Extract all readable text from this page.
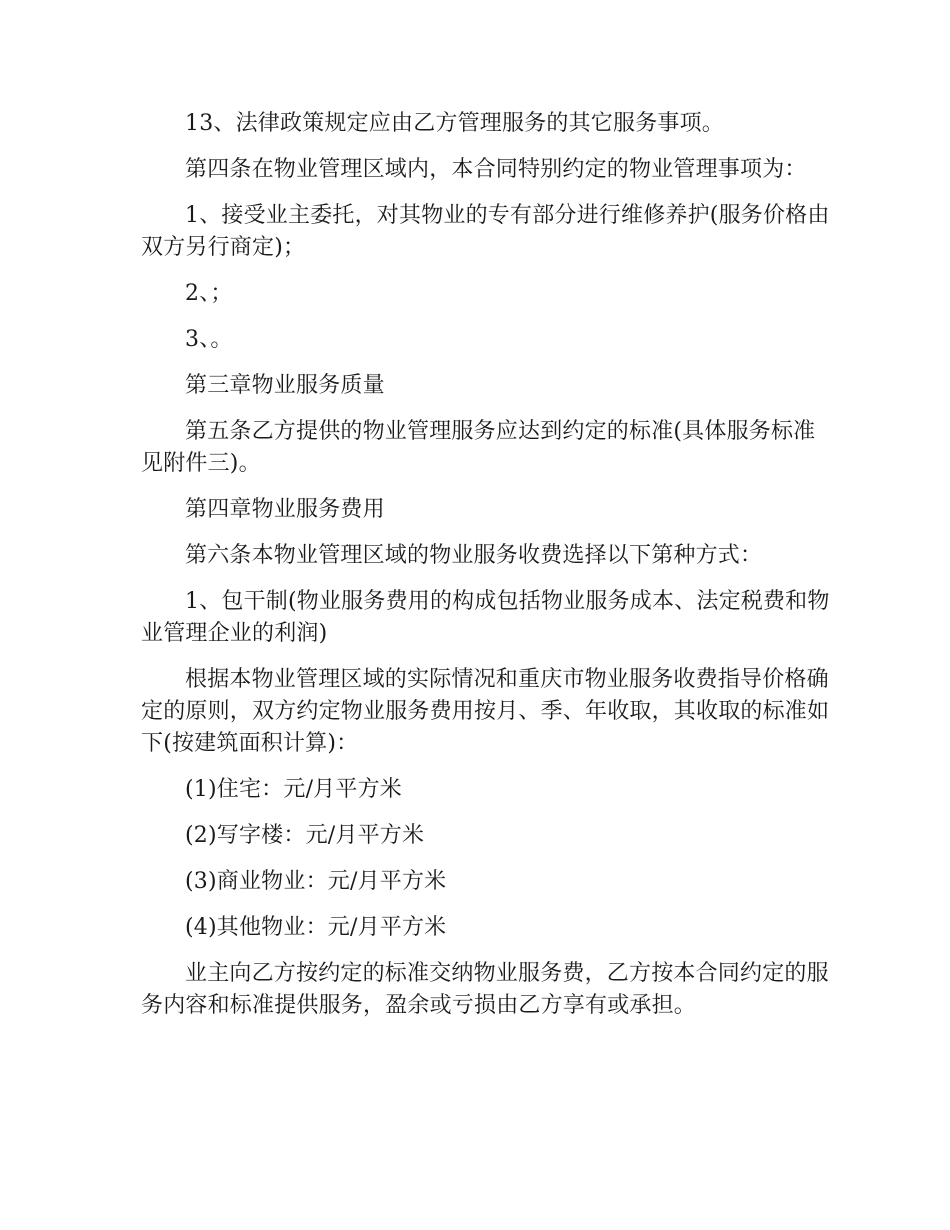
13、法律政策规定应由乙方管理服务的其它服务事项。

第四条在物业管理区域内，本合同特别约定的物业管理事项为：

1、接受业主委托，对其物业的专有部分进行维修养护(服务价格由双方另行商定)；

2、；

3、。

第三章物业服务质量

第五条乙方提供的物业管理服务应达到约定的标准(具体服务标准见附件三)。

第四章物业服务费用

第六条本物业管理区域的物业服务收费选择以下第种方式：

1、包干制(物业服务费用的构成包括物业服务成本、法定税费和物业管理企业的利润)

根据本物业管理区域的实际情况和重庆市物业服务收费指导价格确定的原则，双方约定物业服务费用按月、季、年收取，其收取的标准如下(按建筑面积计算)：

(1)住宅：元/月平方米

(2)写字楼：元/月平方米

(3)商业物业：元/月平方米

(4)其他物业：元/月平方米

业主向乙方按约定的标准交纳物业服务费，乙方按本合同约定的服务内容和标准提供服务，盈余或亏损由乙方享有或承担。
